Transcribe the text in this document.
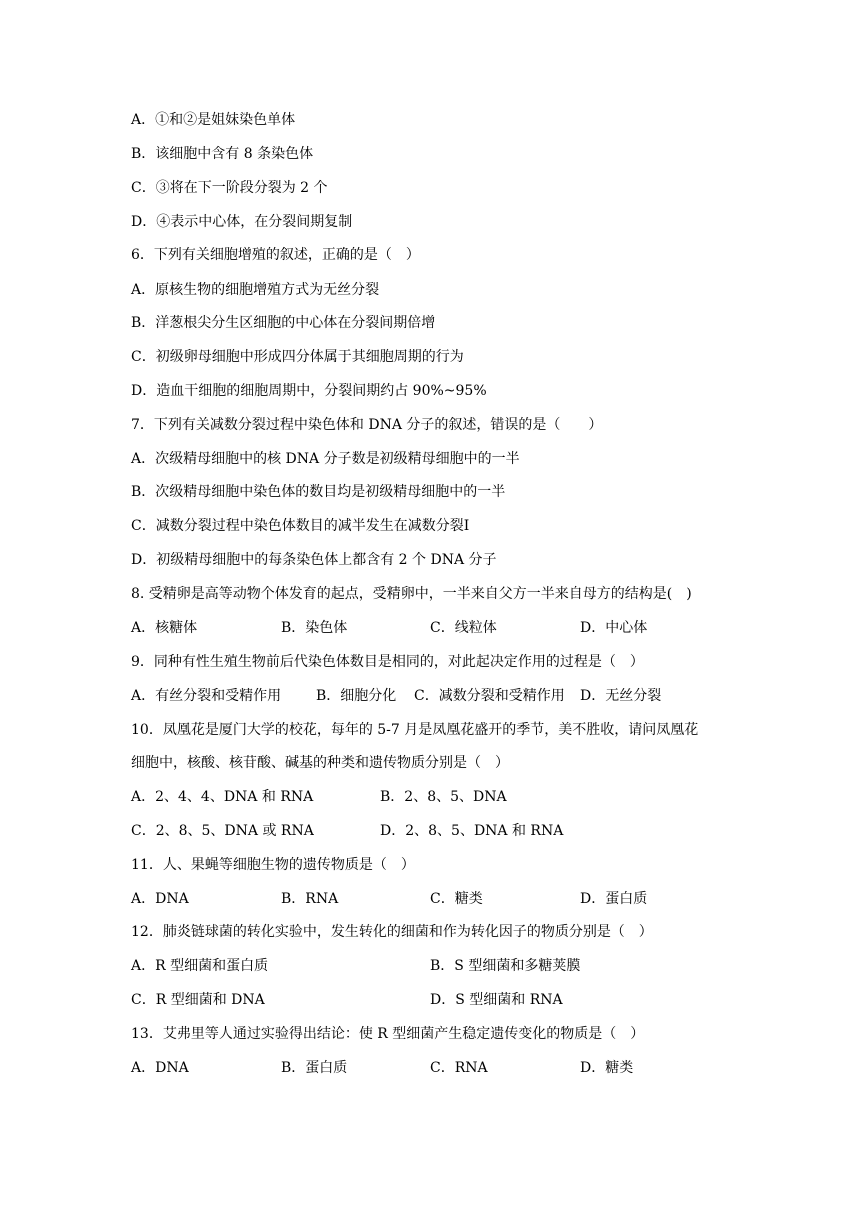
A．①和②是姐妹染色单体
B．该细胞中含有 8 条染色体
C．③将在下一阶段分裂为 2 个
D．④表示中心体，在分裂间期复制
6．下列有关细胞增殖的叙述，正确的是（　）
A．原核生物的细胞增殖方式为无丝分裂
B．洋葱根尖分生区细胞的中心体在分裂间期倍增
C．初级卵母细胞中形成四分体属于其细胞周期的行为
D．造血干细胞的细胞周期中，分裂间期约占 90%~95%
7．下列有关减数分裂过程中染色体和 DNA 分子的叙述，错误的是（　　）
A．次级精母细胞中的核 DNA 分子数是初级精母细胞中的一半
B．次级精母细胞中染色体的数目均是初级精母细胞中的一半
C．减数分裂过程中染色体数目的减半发生在减数分裂Ⅰ
D．初级精母细胞中的每条染色体上都含有 2 个 DNA 分子
8. 受精卵是高等动物个体发育的起点，受精卵中，一半来自父方一半来自母方的结构是(　)
A．核糖体	B．染色体	C．线粒体	D．中心体
9．同种有性生殖生物前后代染色体数目是相同的，对此起决定作用的过程是（　）
A．有丝分裂和受精作用 B．细胞分化 C．减数分裂和受精作用 D．无丝分裂
10．凤凰花是厦门大学的校花，每年的 5-7 月是凤凰花盛开的季节，美不胜收，请问凤凰花
细胞中，核酸、核苷酸、碱基的种类和遗传物质分别是（　）
A．2、4、4、DNA 和 RNA	B．2、8、5、DNA
C．2、8、5、DNA 或 RNA	D．2、8、5、DNA 和 RNA
11．人、果蝇等细胞生物的遗传物质是（　）
A．DNA	B．RNA	C．糖类	D．蛋白质
12．肺炎链球菌的转化实验中，发生转化的细菌和作为转化因子的物质分别是（　）
A．R 型细菌和蛋白质	B．S 型细菌和多糖荚膜
C．R 型细菌和 DNA	D．S 型细菌和 RNA
13．艾弗里等人通过实验得出结论：使 R 型细菌产生稳定遗传变化的物质是（　）
A．DNA	B．蛋白质	C．RNA	D．糖类
